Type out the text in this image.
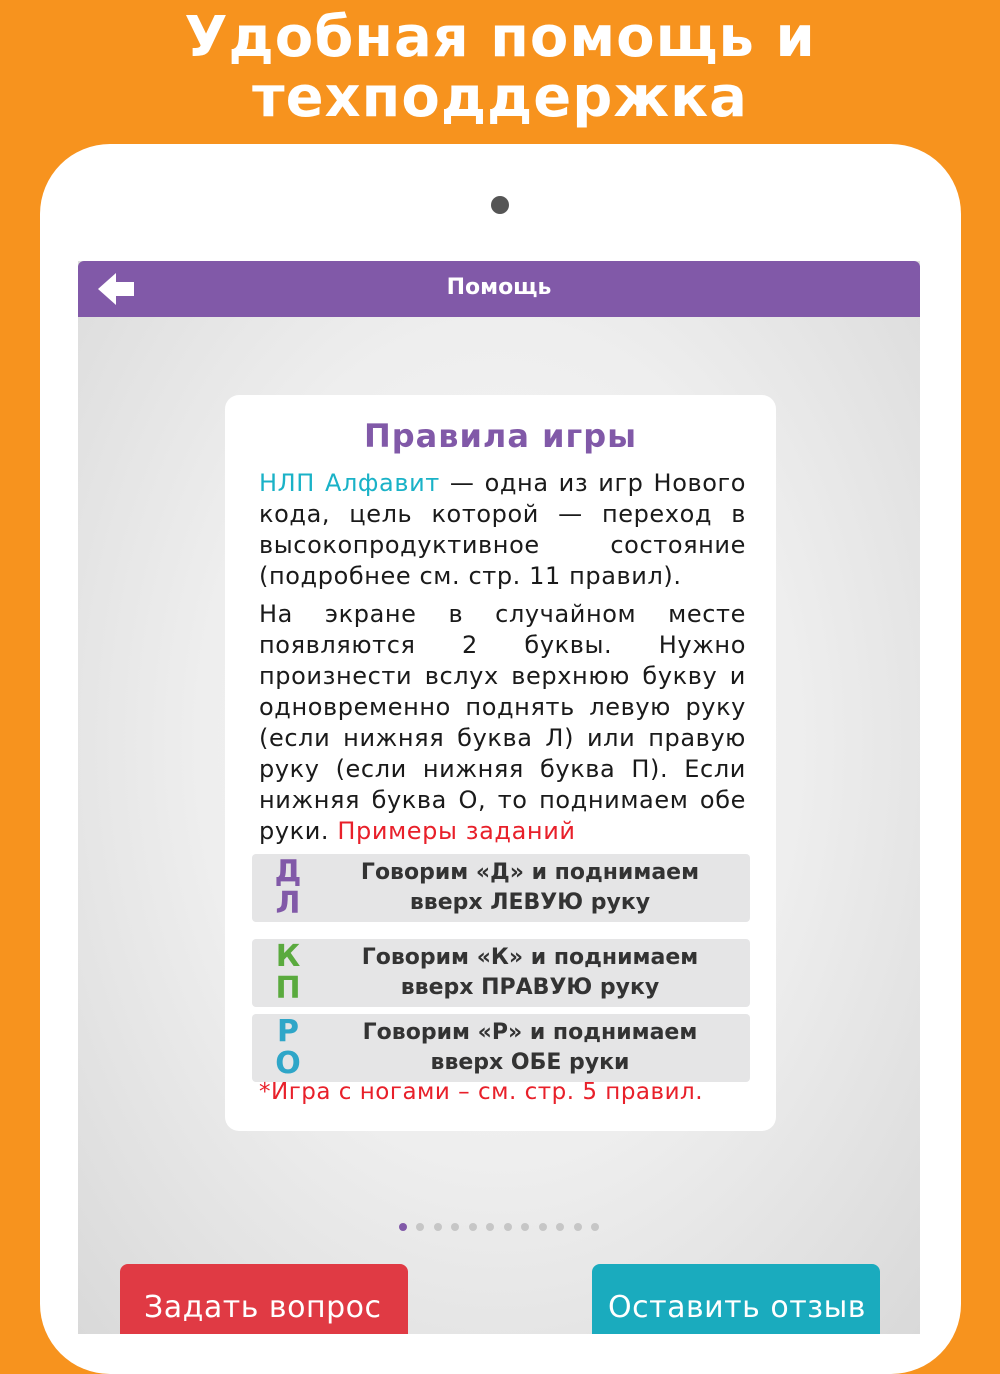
Удобная помощь и
техподдержка
Помощь
Правила игры
НЛП Алфавит — одна из игр Нового кода, цель которой — переход в высокопродуктивное состояние (подробнее см. стр. 11 правил).
На экране в случайном месте появляются 2 буквы. Нужно произнести вслух верхнюю букву и одновременно поднять левую руку (если нижняя буква Л) или правую руку (если нижняя буква П). Если нижняя буква О, то поднимаем обе руки. Примеры заданий
Д
Л
Говорим «Д» и поднимаем
вверх ЛЕВУЮ руку
К
П
Говорим «К» и поднимаем
вверх ПРАВУЮ руку
Р
О
Говорим «Р» и поднимаем
вверх ОБЕ руки
*Игра с ногами – см. стр. 5 правил.
Задать вопрос	Оставить отзыв
